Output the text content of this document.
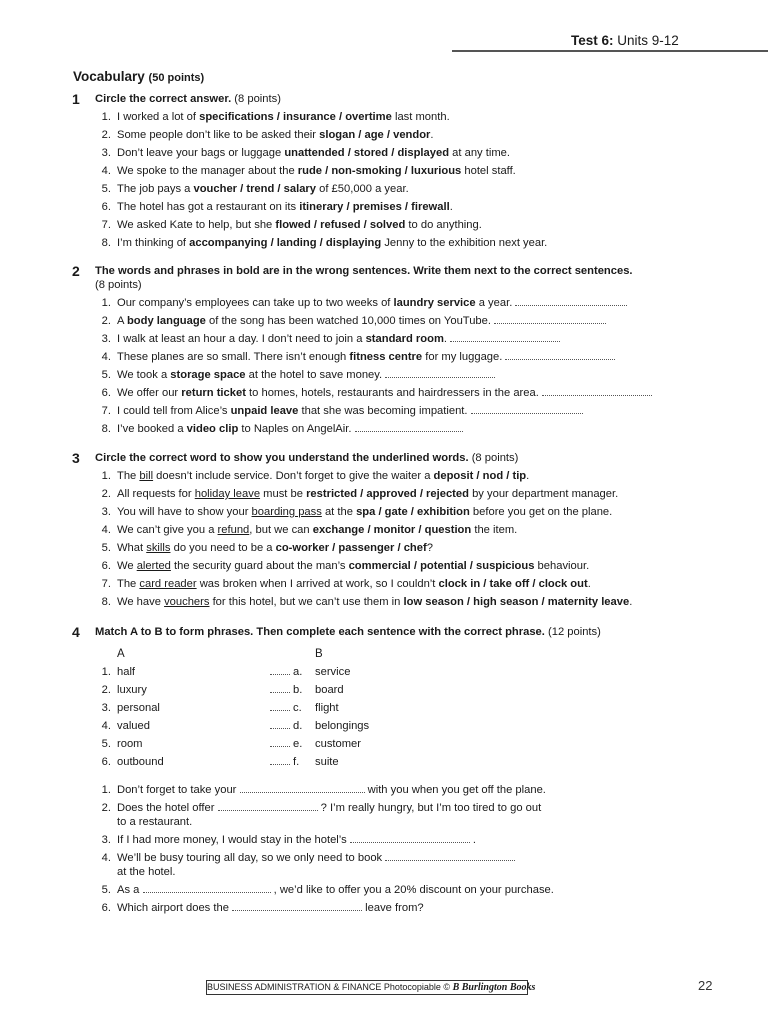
Test 6: Units 9-12
Vocabulary (50 points)
1 Circle the correct answer. (8 points)
1. I worked a lot of specifications / insurance / overtime last month.
2. Some people don’t like to be asked their slogan / age / vendor.
3. Don’t leave your bags or luggage unattended / stored / displayed at any time.
4. We spoke to the manager about the rude / non-smoking / luxurious hotel staff.
5. The job pays a voucher / trend / salary of £50,000 a year.
6. The hotel has got a restaurant on its itinerary / premises / firewall.
7. We asked Kate to help, but she flowed / refused / solved to do anything.
8. I’m thinking of accompanying / landing / displaying Jenny to the exhibition next year.
2 The words and phrases in bold are in the wrong sentences. Write them next to the correct sentences.
(8 points)
1. Our company’s employees can take up to two weeks of laundry service a year.
2. A body language of the song has been watched 10,000 times on YouTube.
3. I walk at least an hour a day. I don’t need to join a standard room.
4. These planes are so small. There isn’t enough fitness centre for my luggage.
5. We took a storage space at the hotel to save money.
6. We offer our return ticket to homes, hotels, restaurants and hairdressers in the area.
7. I could tell from Alice’s unpaid leave that she was becoming impatient.
8. I’ve booked a video clip to Naples on AngelAir.
3 Circle the correct word to show you understand the underlined words. (8 points)
1. The bill doesn’t include service. Don’t forget to give the waiter a deposit / nod / tip.
2. All requests for holiday leave must be restricted / approved / rejected by your department manager.
3. You will have to show your boarding pass at the spa / gate / exhibition before you get on the plane.
4. We can’t give you a refund, but we can exchange / monitor / question the item.
5. What skills do you need to be a co-worker / passenger / chef?
6. We alerted the security guard about the man’s commercial / potential / suspicious behaviour.
7. The card reader was broken when I arrived at work, so I couldn’t clock in / take off / clock out.
8. We have vouchers for this hotel, but we can’t use them in low season / high season / maternity leave.
4 Match A to B to form phrases. Then complete each sentence with the correct phrase. (12 points)
A	B
1. half	a. service
2. luxury	b. board
3. personal	c. flight
4. valued	d. belongings
5. room	e. customer
6. outbound	f. suite
1. Don’t forget to take your	with you when you get off the plane.
2. Does the hotel offer	? I’m really hungry, but I’m too tired to go out
to a restaurant.
3. If I had more money, I would stay in the hotel’s	.
4. We’ll be busy touring all day, so we only need to book
at the hotel.
5. As a	, we’d like to offer you a 20% discount on your purchase.
6. Which airport does the	leave from?
BUSINESS ADMINISTRATION & FINANCE Photocopiable © B Burlington Books	22
